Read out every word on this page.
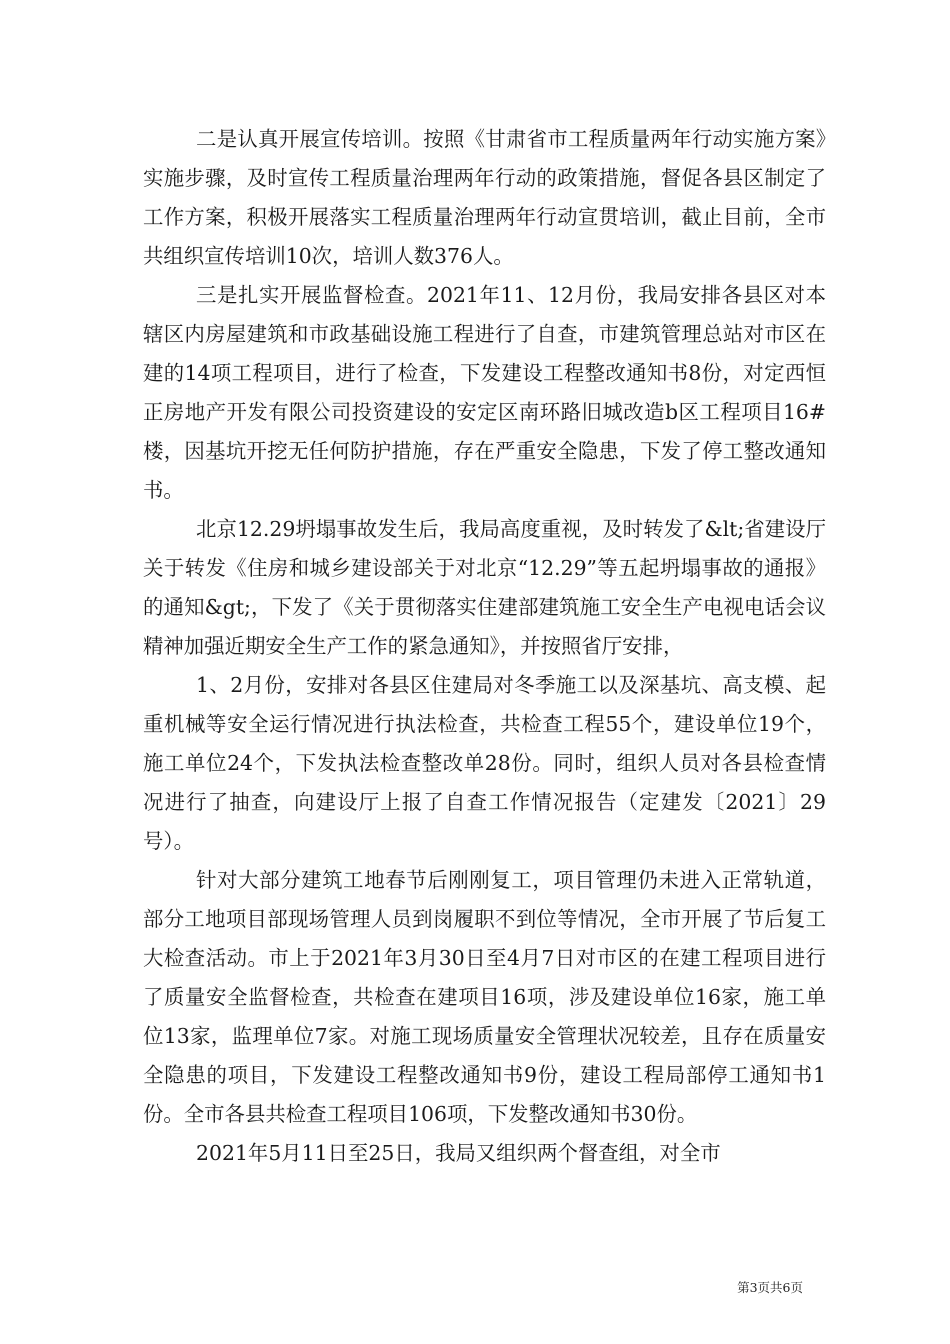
二是认真开展宣传培训。按照《甘肃省市工程质量两年行动实施方案》实施步骤，及时宣传工程质量治理两年行动的政策措施，督促各县区制定了工作方案，积极开展落实工程质量治理两年行动宣贯培训，截止目前，全市共组织宣传培训10次，培训人数376人。

三是扎实开展监督检查。2021年11、12月份，我局安排各县区对本辖区内房屋建筑和市政基础设施工程进行了自查，市建筑管理总站对市区在建的14项工程项目，进行了检查，下发建设工程整改通知书8份，对定西恒正房地产开发有限公司投资建设的安定区南环路旧城改造b区工程项目16#楼，因基坑开挖无任何防护措施，存在严重安全隐患，下发了停工整改通知书。

北京12.29坍塌事故发生后，我局高度重视，及时转发了&lt;省建设厅关于转发《住房和城乡建设部关于对北京“12.29”等五起坍塌事故的通报》的通知&gt;，下发了《关于贯彻落实住建部建筑施工安全生产电视电话会议精神加强近期安全生产工作的紧急通知》，并按照省厅安排，

1、2月份，安排对各县区住建局对冬季施工以及深基坑、高支模、起重机械等安全运行情况进行执法检查，共检查工程55个，建设单位19个，施工单位24个，下发执法检查整改单28份。同时，组织人员对各县检查情况进行了抽查，向建设厅上报了自查工作情况报告（定建发〔2021〕29号）。

针对大部分建筑工地春节后刚刚复工，项目管理仍未进入正常轨道，部分工地项目部现场管理人员到岗履职不到位等情况，全市开展了节后复工大检查活动。市上于2021年3月30日至4月7日对市区的在建工程项目进行了质量安全监督检查，共检查在建项目16项，涉及建设单位16家，施工单位13家，监理单位7家。对施工现场质量安全管理状况较差，且存在质量安全隐患的项目，下发建设工程整改通知书9份，建设工程局部停工通知书1份。全市各县共检查工程项目106项，下发整改通知书30份。

2021年5月11日至25日，我局又组织两个督查组，对全市

第3页共6页
